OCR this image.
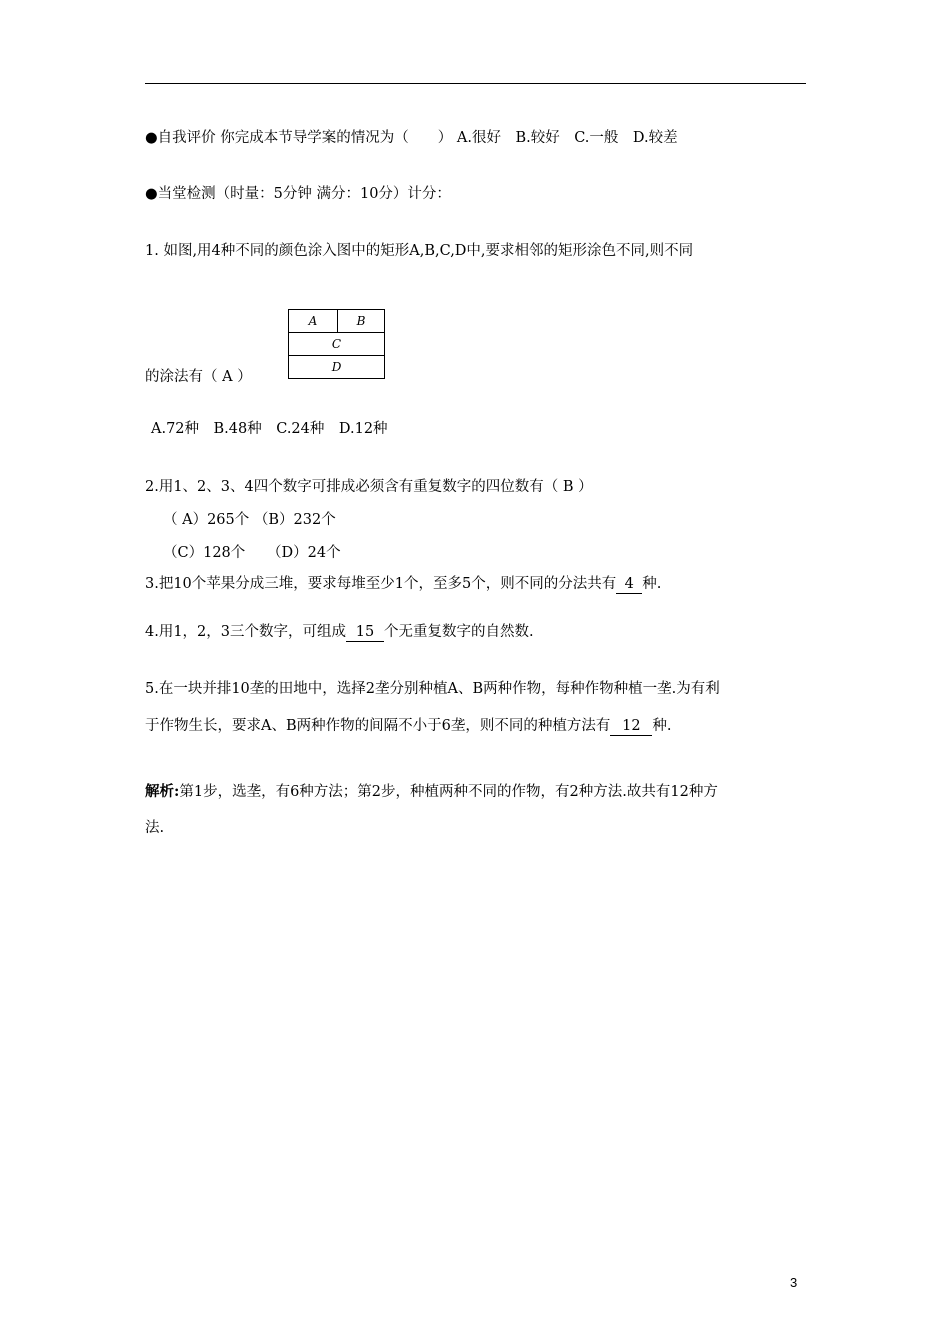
●自我评价 你完成本节导学案的情况为（　　） A.很好　B.较好　C.一般　D.较差
●当堂检测（时量：5分钟 满分：10分）计分：
1. 如图,用4种不同的颜色涂入图中的矩形A,B,C,D中,要求相邻的矩形涂色不同,则不同
A	B
C
D
的涂法有（ A ）
A.72种　B.48种　C.24种　D.12种
2.用1、2、3、4四个数字可排成必须含有重复数字的四位数有（ B ）
（ A）265个 （B）232个
（C）128个　　（D）24个
3.把10个苹果分成三堆，要求每堆至少1个，至多5个，则不同的分法共有 4 种.
4.用1，2，3三个数字，可组成 15 个无重复数字的自然数.
5.在一块并排10垄的田地中，选择2垄分别种植A、B两种作物，每种作物种植一垄.为有利
于作物生长，要求A、B两种作物的间隔不小于6垄，则不同的种植方法有 12 种.
解析:第1步，选垄，有6种方法；第2步，种植两种不同的作物，有2种方法.故共有12种方
法.
3
